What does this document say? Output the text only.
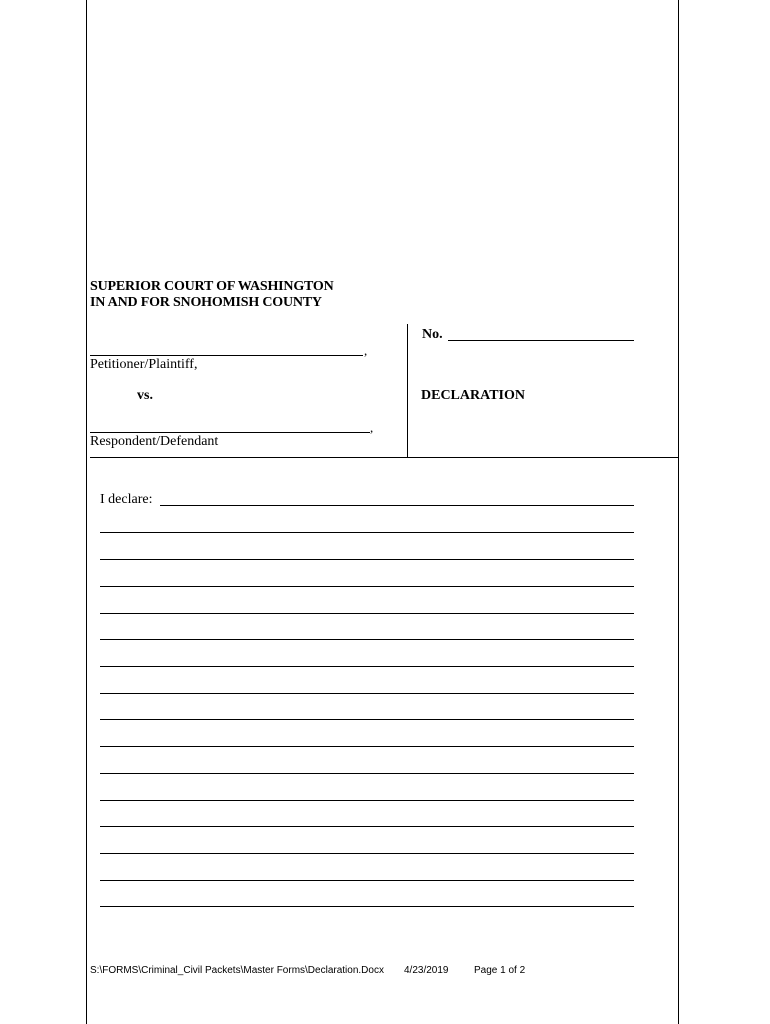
SUPERIOR COURT OF WASHINGTON
IN AND FOR SNOHOMISH COUNTY
,
Petitioner/Plaintiff,
vs.
,
Respondent/Defendant
No.
DECLARATION
I declare:
S:\FORMS\Criminal_Civil Packets\Master Forms\Declaration.Docx 4/23/2019	Page 1 of 2
